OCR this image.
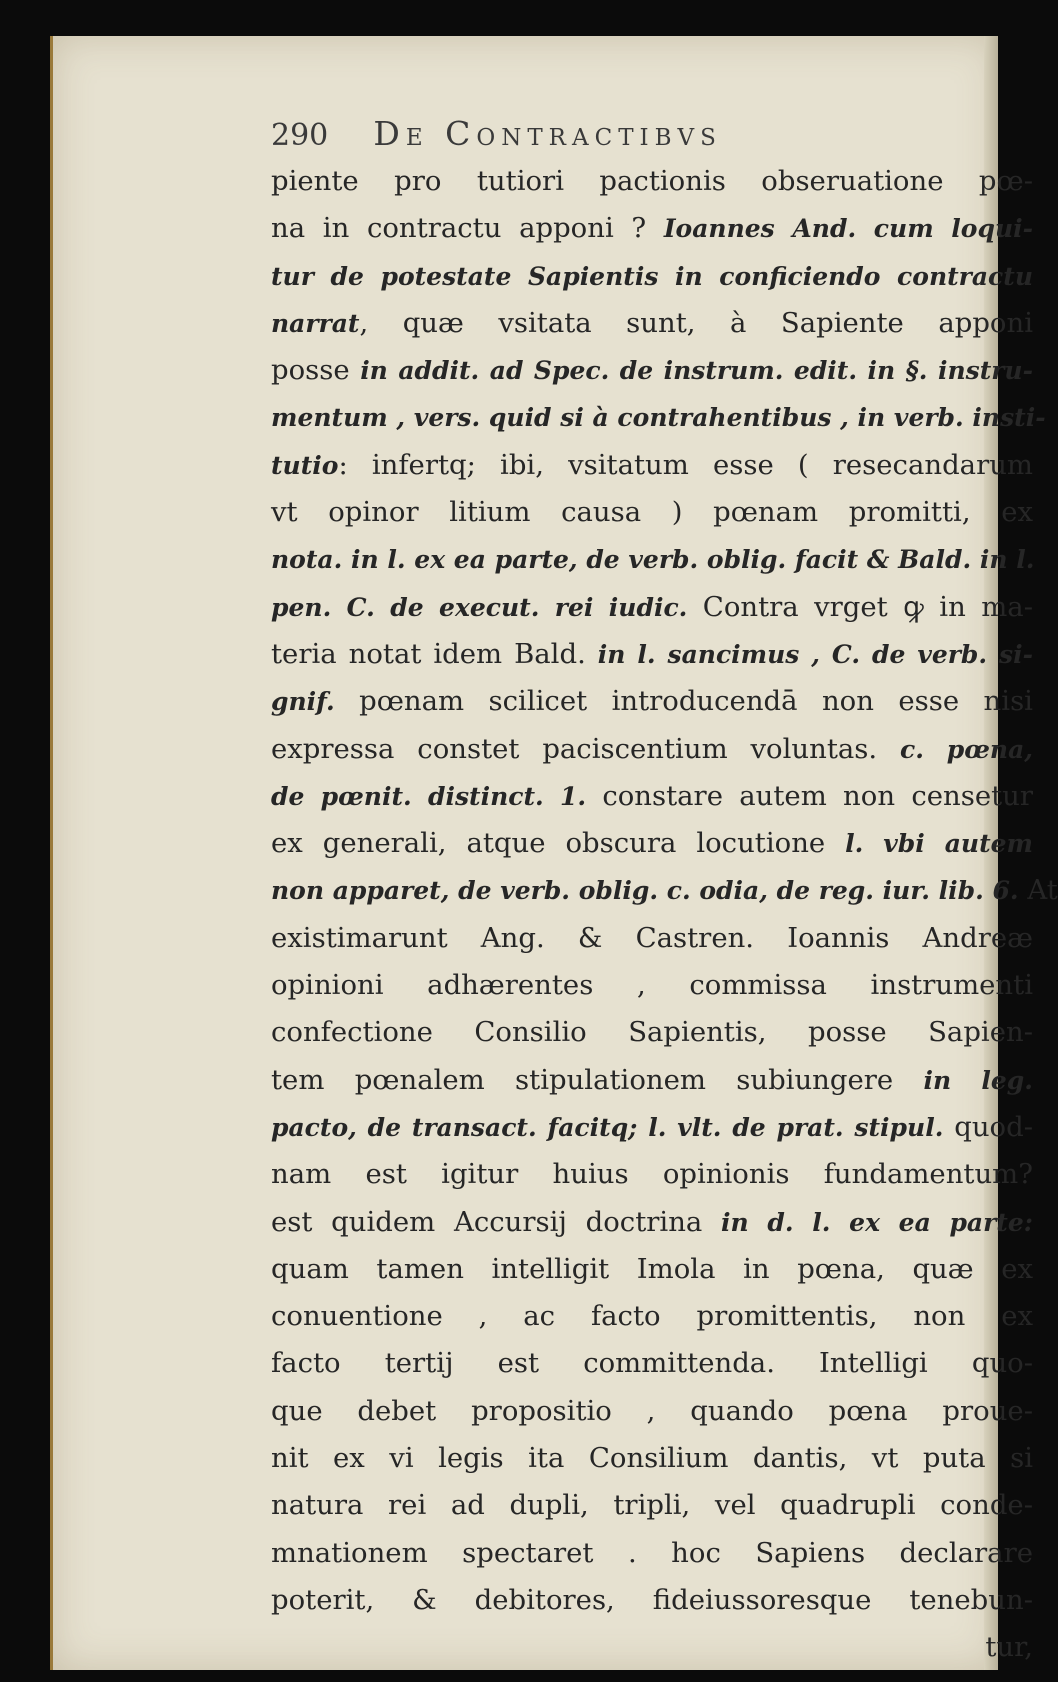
290 De Contractibvs
piente pro tutiori pactionis obseruatione pœ-
na in contractu apponi ? Ioannes And. cum loqui-
tur de potestate Sapientis in conficiendo contractu
narrat, quæ vsitata sunt, à Sapiente apponi
posse in addit. ad Spec. de instrum. edit. in §. instru-
mentum , vers. quid si à contrahentibus , in verb. insti-
tutio: infertq; ibi, vsitatum esse ( resecandarum
vt opinor litium causa ) pœnam promitti, ex
nota. in l. ex ea parte, de verb. oblig. facit & Bald. in l.
pen. C. de execut. rei iudic. Contra vrget ꝙ in ma-
teria notat idem Bald. in l. sancimus , C. de verb. si-
gnif. pœnam scilicet introducendā non esse nisi
expressa constet paciscentium voluntas. c. pœna,
de pœnit. distinct. 1. constare autem non censetur
ex generali, atque obscura locutione l. vbi autem
non apparet, de verb. oblig. c. odia, de reg. iur. lib. 6. At
existimarunt Ang. & Castren. Ioannis Andreæ
opinioni adhærentes , commissa instrumenti
confectione Consilio Sapientis, posse Sapien-
tem pœnalem stipulationem subiungere in leg.
pacto, de transact. facitq; l. vlt. de prat. stipul. quod-
nam est igitur huius opinionis fundamentum?
est quidem Accursij doctrina in d. l. ex ea parte:
quam tamen intelligit Imola in pœna, quæ ex
conuentione , ac facto promittentis, non ex
facto tertij est committenda. Intelligi quo-
que debet propositio , quando pœna proue-
nit ex vi legis ita Consilium dantis, vt puta si
natura rei ad dupli, tripli, vel quadrupli conde-
mnationem spectaret . hoc Sapiens declarare
poterit, & debitores, fideiussoresque tenebun-
tur,
